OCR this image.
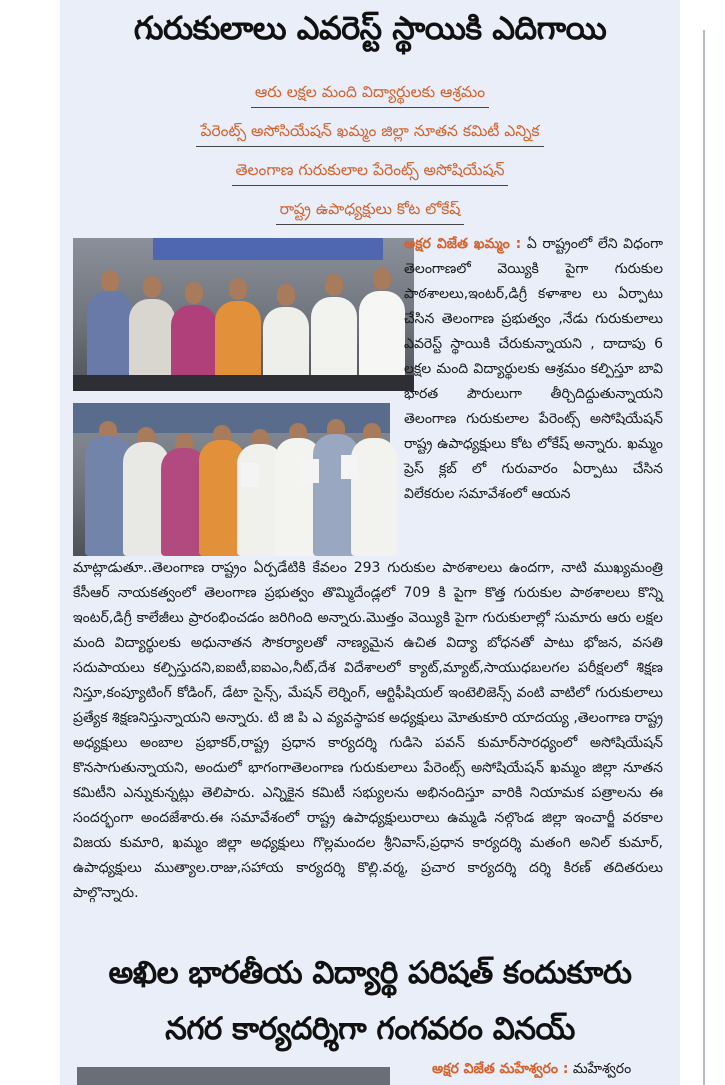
గురుకులాలు ఎవరెస్ట్ స్థాయికి ఎదిగాయి
ఆరు లక్షల మంది విద్యార్థులకు ఆశ్రమం
పేరెంట్స్ అసోసియేషన్ ఖమ్మం జిల్లా నూతన కమిటీ ఎన్నిక
తెలంగాణ గురుకులాల పేరెంట్స్ అసోషియేషన్
రాష్ట్ర ఉపాధ్యక్షులు కోట లోకేష్
అక్షర విజేత ఖమ్మం : ఏ రాష్ట్రంలో లేని విధంగా తెలంగాణలో వెయ్యికి పైగా గురుకుల పాఠశాలలు,ఇంటర్,డిగ్రీ కళాశాల లు ఏర్పాటు చేసిన తెలంగాణ ప్రభుత్వం ,నేడు గురుకులాలు ఎవరెస్ట్ స్థాయికి చేరుకున్నాయని , దాదాపు 6 లక్షల మంది విద్యార్థులకు ఆశ్రమం కల్పిస్తూ బావి భారత పౌరులుగా తీర్చిదిద్దుతున్నాయని తెలంగాణ గురుకులాల పేరెంట్స్ అసోషియేషన్ రాష్ట్ర ఉపాధ్యక్షులు కోట లోకేష్ అన్నారు. ఖమ్మం ప్రెస్ క్లబ్ లో గురువారం ఏర్పాటు చేసిన విలేకరుల సమావేశంలో ఆయన
మాట్లాడుతూ..తెలంగాణ రాష్ట్రం ఏర్పడేటికి కేవలం 293 గురుకుల పాఠశాలలు ఉందగా, నాటి ముఖ్యమంత్రి కేసీఆర్ నాయకత్వంలో తెలంగాణ ప్రభుత్వం తొమ్మిదేండ్లలో 709 కి పైగా కొత్త గురుకుల పాఠశాలలు కొన్ని ఇంటర్,డిగ్రీ కాలేజీలు ప్రారంభించడం జరిగింది అన్నారు.మొత్తం వెయ్యికి పైగా గురుకులాల్లో సుమారు ఆరు లక్షల మంది విద్యార్థులకు అధునాతన సౌకర్యాలతో నాణ్యమైన ఉచిత విద్యా బోధనతో పాటు భోజన, వసతి సదుపాయలు కల్పిస్తుదని,ఐఐటీ,ఐఐఎం,నీట్,దేశ విదేశాలలో క్యాట్,మ్యాట్,సాయుధబలగల పరీక్షలలో శిక్షణ నిస్తూ,కంప్యూటింగ్ కోడింగ్, డేటా సైన్స్, మేషన్ లెర్నింగ్, ఆర్టిఫీషియల్ ఇంటెలిజెన్స్ వంటి వాటిలో గురుకులాలు ప్రత్యేక శిక్షణనిస్తున్నాయని అన్నారు. టి జి పి ఎ వ్యవస్థాపక అధ్యక్షులు మోతుకూరి యాదయ్య ,తెలంగాణ రాష్ట్ర అధ్యక్షులు అంబాల ప్రభాకర్,రాష్ట్ర ప్రధాన కార్యదర్శి గుడిసె పవన్ కుమార్‌సారధ్యంలో అసోషియేషన్ కొనసాగుతున్నాయని, అందులో భాగంగాతెలంగాణ గురుకులాలు పేరెంట్స్ అసోషియేషన్ ఖమ్మం జిల్లా నూతన కమిటీని ఎన్నుకున్నట్లు తెలిపారు. ఎన్నికైన కమిటీ సభ్యులను అభినందిస్తూ వారికి నియామక పత్రాలను ఈ సందర్భంగా అందజేశారు.ఈ సమావేశంలో రాష్ట్ర ఉపాధ్యక్షులురాలు ఉమ్మడి నల్గొండ జిల్లా ఇంచార్జీ వరకాల విజయ కుమారి, ఖమ్మం జిల్లా అధ్యక్షులు గొల్లమందల శ్రీనివాస్,ప్రధాన కార్యదర్శి మతంగి అనిల్ కుమార్, ఉపాధ్యక్షులు ముత్యాల.రాజు,సహాయ కార్యదర్శి కొల్లి.వర్మ, ప్రచార కార్యదర్శి దర్శి కిరణ్ తదితరులు పాల్గొన్నారు.
అఖిల భారతీయ విద్యార్థి పరిషత్ కందుకూరు
నగర కార్యదర్శిగా గంగవరం వినయ్
అక్షర విజేత మహేశ్వరం : మహేశ్వరం
